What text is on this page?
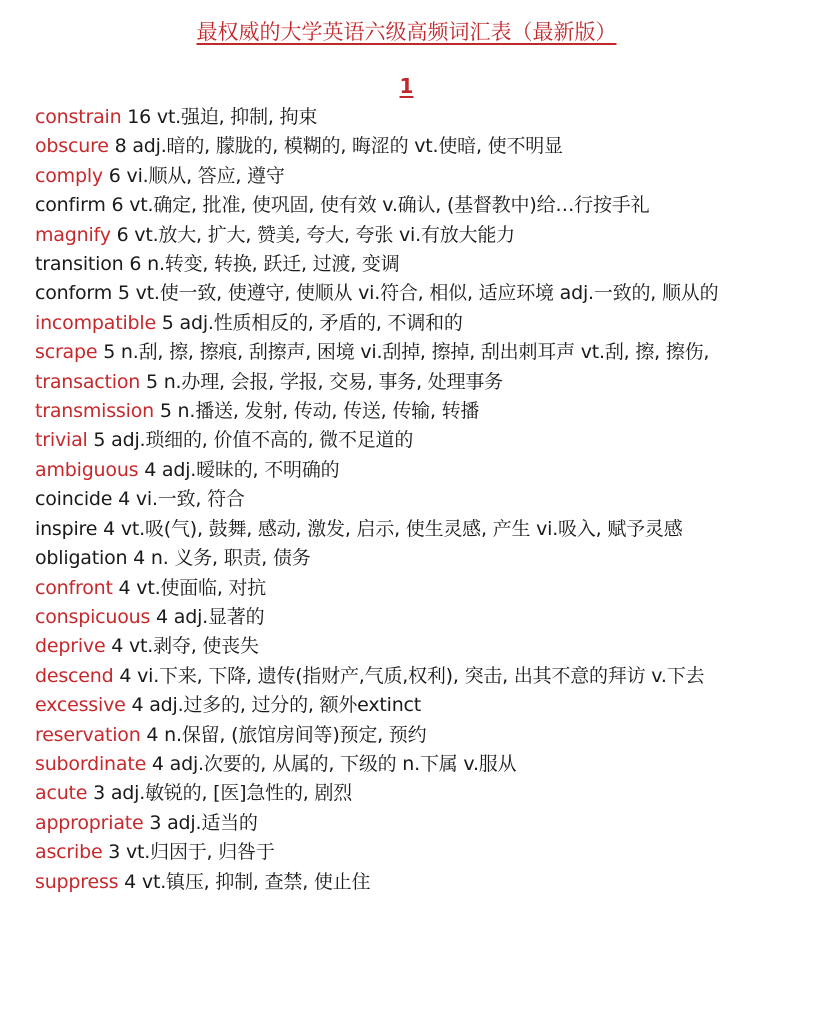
最权威的大学英语六级高频词汇表（最新版）
1
constrain 16 vt.强迫, 抑制, 拘束
obscure 8 adj.暗的, 朦胧的, 模糊的, 晦涩的 vt.使暗, 使不明显
comply 6 vi.顺从, 答应, 遵守
confirm 6 vt.确定, 批准, 使巩固, 使有效 v.确认, (基督教中)给…行按手礼
magnify 6 vt.放大, 扩大, 赞美, 夸大, 夸张 vi.有放大能力
transition 6 n.转变, 转换, 跃迁, 过渡, 变调
conform 5 vt.使一致, 使遵守, 使顺从 vi.符合, 相似, 适应环境 adj.一致的, 顺从的
incompatible 5 adj.性质相反的, 矛盾的, 不调和的
scrape 5 n.刮, 擦, 擦痕, 刮擦声, 困境 vi.刮掉, 擦掉, 刮出刺耳声 vt.刮, 擦, 擦伤,
transaction 5 n.办理, 会报, 学报, 交易, 事务, 处理事务
transmission 5 n.播送, 发射, 传动, 传送, 传输, 转播
trivial 5 adj.琐细的, 价值不高的, 微不足道的
ambiguous 4 adj.暧昧的, 不明确的
coincide 4 vi.一致, 符合
inspire 4 vt.吸(气), 鼓舞, 感动, 激发, 启示, 使生灵感, 产生 vi.吸入, 赋予灵感
obligation 4 n. 义务, 职责, 债务
confront 4 vt.使面临, 对抗
conspicuous 4 adj.显著的
deprive 4 vt.剥夺, 使丧失
descend 4 vi.下来, 下降, 遗传(指财产,气质,权利), 突击, 出其不意的拜访 v.下去
excessive 4 adj.过多的, 过分的, 额外extinct
reservation 4 n.保留, (旅馆房间等)预定, 预约
subordinate 4 adj.次要的, 从属的, 下级的 n.下属 v.服从
acute 3 adj.敏锐的, [医]急性的, 剧烈
appropriate 3 adj.适当的
ascribe 3 vt.归因于, 归咎于
suppress 4 vt.镇压, 抑制, 查禁, 使止住
